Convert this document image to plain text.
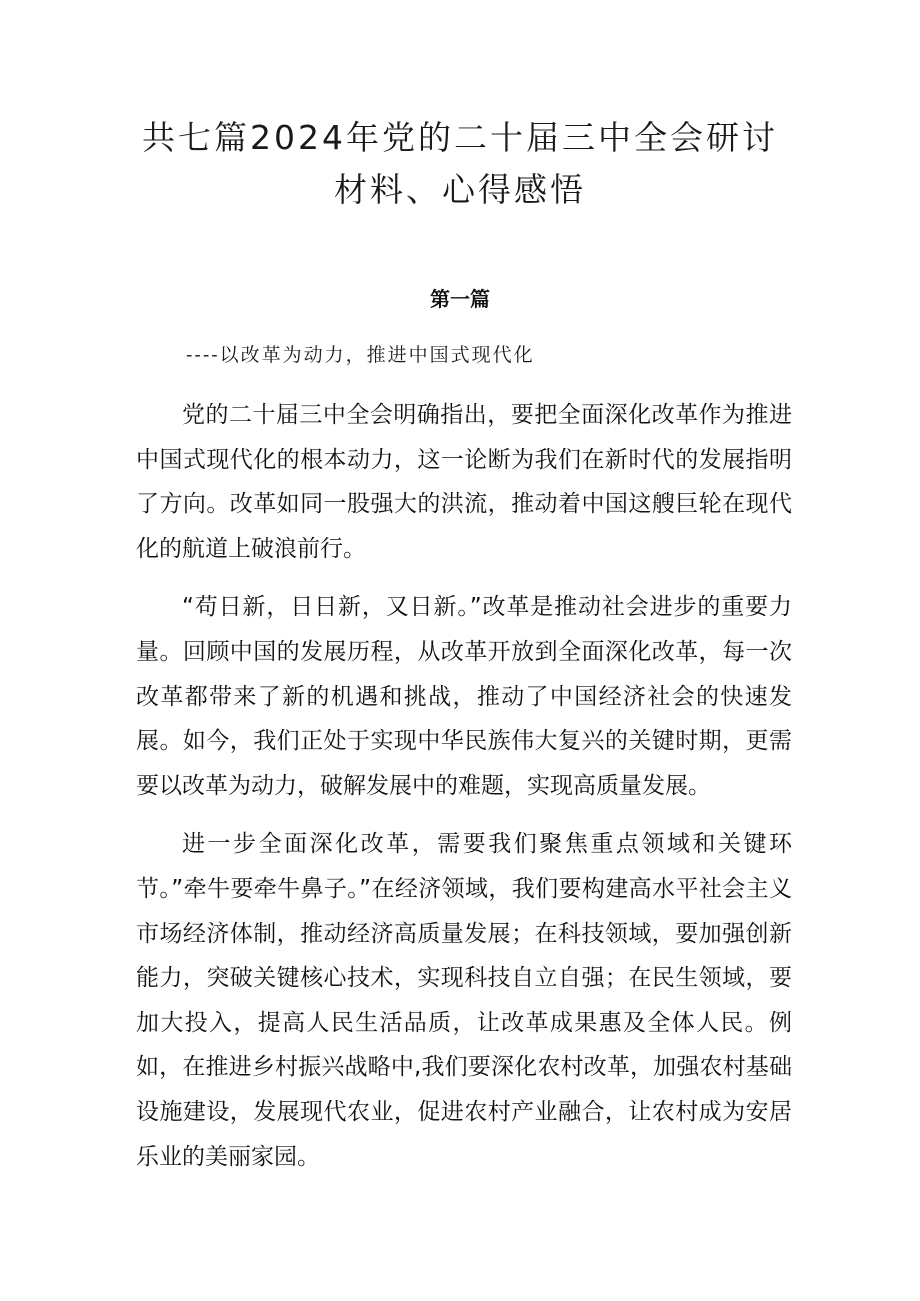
共七篇2024年党的二十届三中全会研讨材料、心得感悟
第一篇
----以改革为动力，推进中国式现代化

党的二十届三中全会明确指出，要把全面深化改革作为推进中国式现代化的根本动力，这一论断为我们在新时代的发展指明了方向。改革如同一股强大的洪流，推动着中国这艘巨轮在现代化的航道上破浪前行。

“苟日新，日日新，又日新。”改革是推动社会进步的重要力量。回顾中国的发展历程，从改革开放到全面深化改革，每一次改革都带来了新的机遇和挑战，推动了中国经济社会的快速发展。如今，我们正处于实现中华民族伟大复兴的关键时期，更需要以改革为动力，破解发展中的难题，实现高质量发展。

进一步全面深化改革，需要我们聚焦重点领域和关键环节。”牵牛要牵牛鼻子。”在经济领域，我们要构建高水平社会主义市场经济体制，推动经济高质量发展；在科技领域，要加强创新能力，突破关键核心技术，实现科技自立自强；在民生领域，要加大投入，提高人民生活品质，让改革成果惠及全体人民。例如，在推进乡村振兴战略中,我们要深化农村改革，加强农村基础设施建设，发展现代农业，促进农村产业融合，让农村成为安居乐业的美丽家园。
